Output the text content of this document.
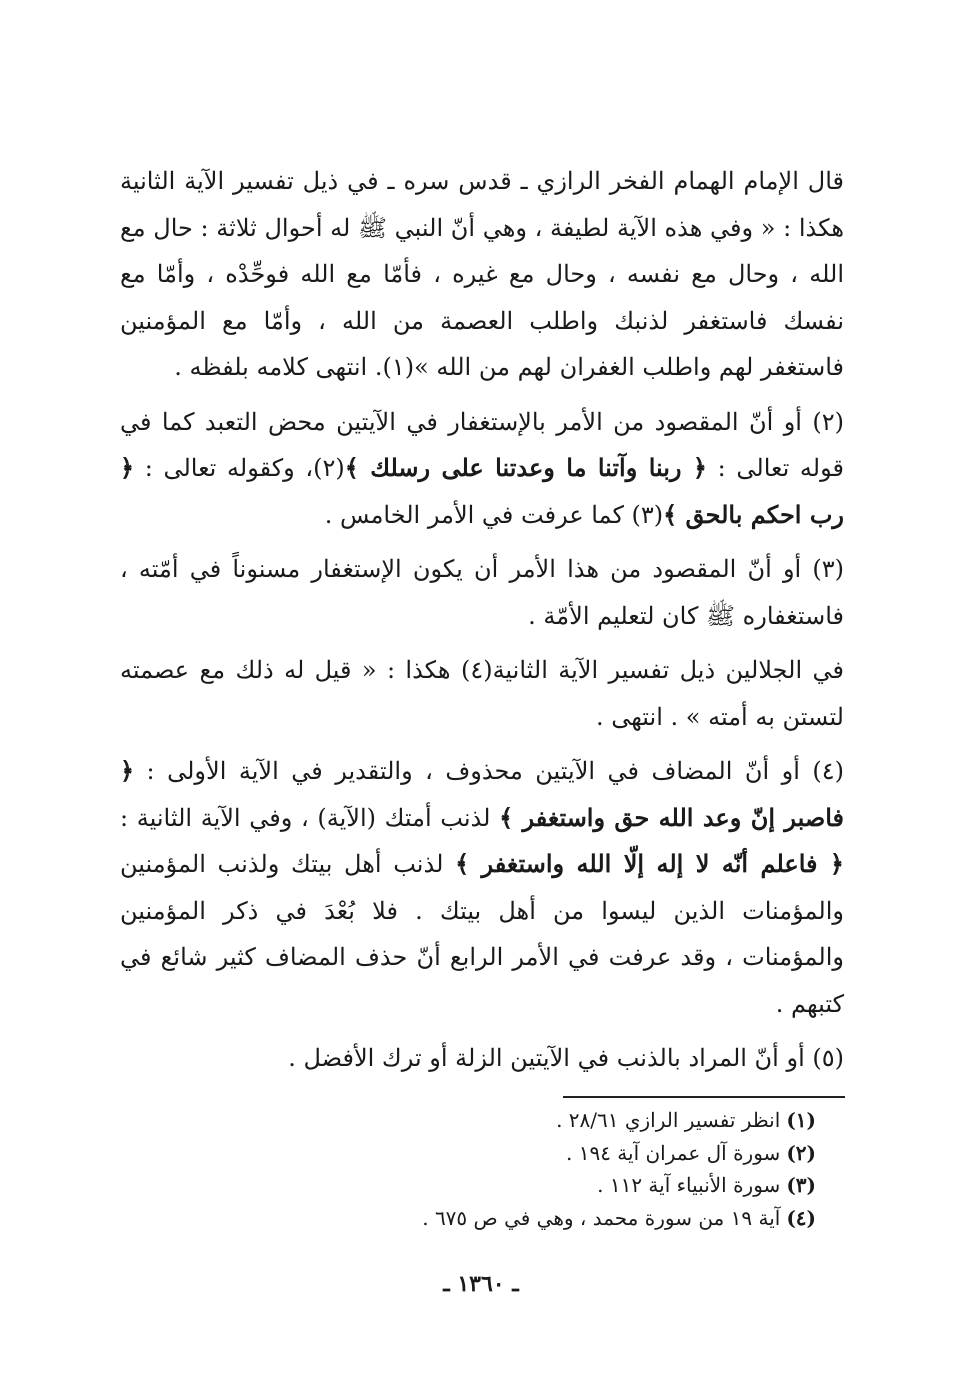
قال الإمام الهمام الفخر الرازي ـ قدس سره ـ في ذيل تفسير الآية الثانية هكذا : « وفي هذه الآية لطيفة ، وهي أنّ النبي ﷺ له أحوال ثلاثة : حال مع الله ، وحال مع نفسه ، وحال مع غيره ، فأمّا مع الله فوحِّدْه ، وأمّا مع نفسك فاستغفر لذنبك واطلب العصمة من الله ، وأمّا مع المؤمنين فاستغفر لهم واطلب الغفران لهم من الله »(١). انتهى كلامه بلفظه .

(٢) أو أنّ المقصود من الأمر بالإستغفار في الآيتين محض التعبد كما في قوله تعالى : ﴿ ربنا وآتنا ما وعدتنا على رسلك ﴾(٢)، وكقوله تعالى : ﴿ رب احكم بالحق ﴾(٣) كما عرفت في الأمر الخامس .

(٣) أو أنّ المقصود من هذا الأمر أن يكون الإستغفار مسنوناً في أمّته ، فاستغفاره ﷺ كان لتعليم الأمّة .

في الجلالين ذيل تفسير الآية الثانية(٤) هكذا : « قيل له ذلك مع عصمته لتستن به أمته » . انتهى .

(٤) أو أنّ المضاف في الآيتين محذوف ، والتقدير في الآية الأولى : ﴿ فاصبر إنّ وعد الله حق واستغفر ﴾ لذنب أمتك (الآية) ، وفي الآية الثانية : ﴿ فاعلم أنّه لا إله إلّا الله واستغفر ﴾ لذنب أهل بيتك ولذنب المؤمنين والمؤمنات الذين ليسوا من أهل بيتك . فلا بُعْدَ في ذكر المؤمنين والمؤمنات ، وقد عرفت في الأمر الرابع أنّ حذف المضاف كثير شائع في كتبهم .

(٥) أو أنّ المراد بالذنب في الآيتين الزلة أو ترك الأفضل .

(١)انظر تفسير الرازي ٢٨/٦١ .
(٢)سورة آل عمران آية ١٩٤ .
(٣)سورة الأنبياء آية ١١٢ .
(٤)آية ١٩ من سورة محمد ، وهي في ص ٦٧٥ .
ـ ١٣٦٠ ـ
